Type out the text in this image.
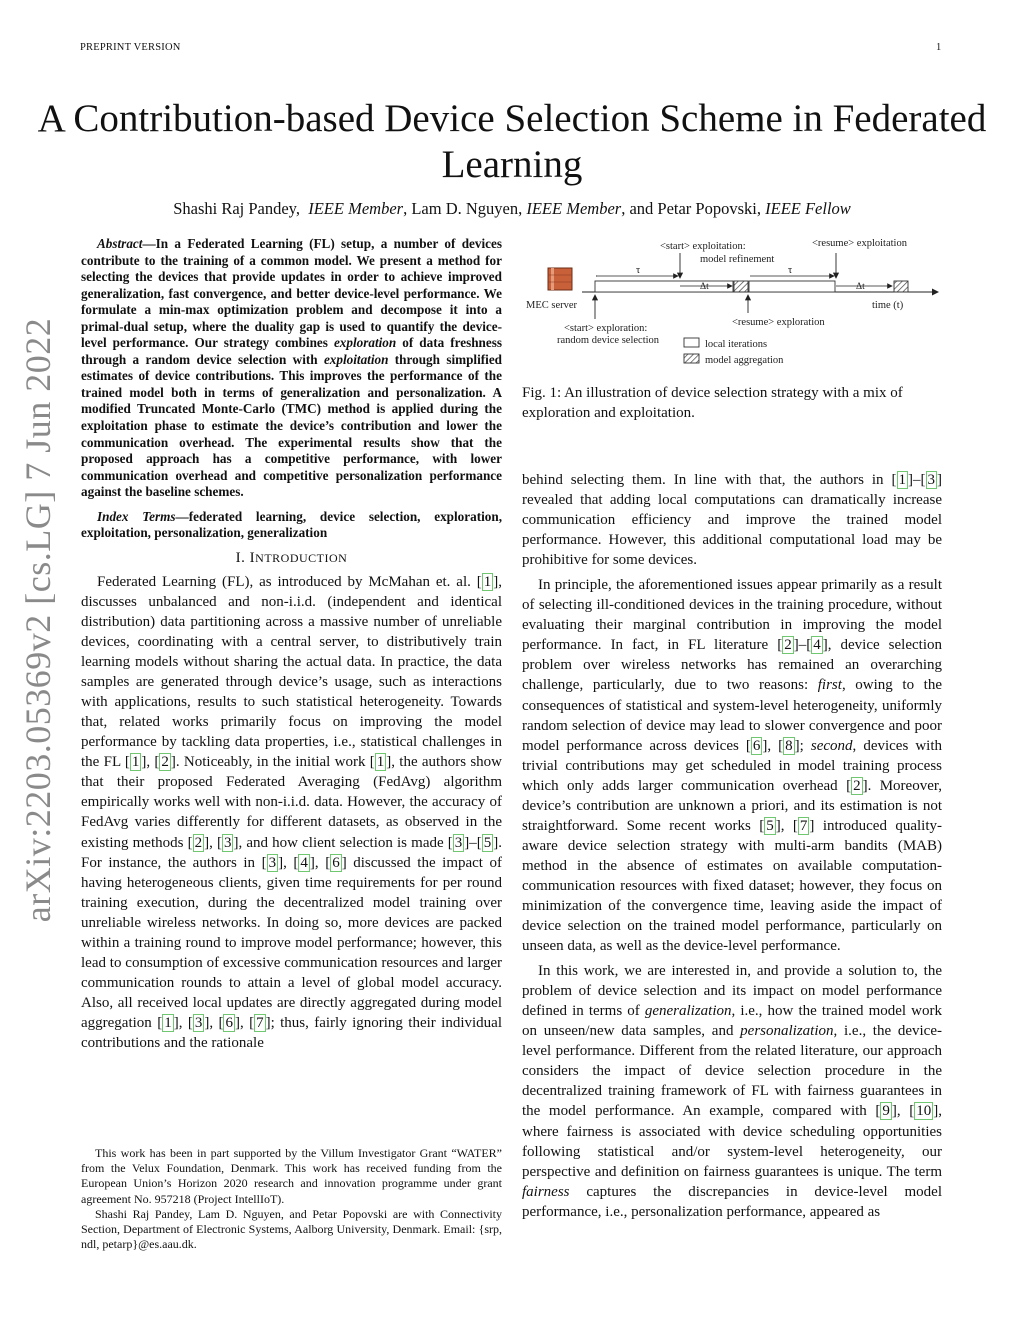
PREPRINT VERSION	1
A Contribution-based Device Selection Scheme in Federated Learning
Shashi Raj Pandey, IEEE Member, Lam D. Nguyen, IEEE Member, and Petar Popovski, IEEE Fellow
arXiv:2203.05369v2 [cs.LG] 7 Jun 2022

Abstract—In a Federated Learning (FL) setup, a number of devices contribute to the training of a common model. We present a method for selecting the devices that provide updates in order to achieve improved generalization, fast convergence, and better device-level performance. We formulate a min-max optimization problem and decompose it into a primal-dual setup, where the duality gap is used to quantify the device-level performance. Our strategy combines exploration of data freshness through a random device selection with exploitation through simplified estimates of device contributions. This improves the performance of the trained model both in terms of generalization and personalization. A modified Truncated Monte-Carlo (TMC) method is applied during the exploitation phase to estimate the device’s contribution and lower the communication overhead. The experimental results show that the proposed approach has a competitive performance, with lower communication overhead and competitive personalization performance against the baseline schemes.

Index Terms—federated learning, device selection, exploration, exploitation, personalization, generalization

I. INTRODUCTION

Federated Learning (FL), as introduced by McMahan et. al. [ 1 ], discusses unbalanced and non-i.i.d. (independent and identical distribution) data partitioning across a massive number of unreliable devices, coordinating with a central server, to distributively train learning models without sharing the actual data. In practice, the data samples are generated through device’s usage, such as interactions with applications, results to such statistical heterogeneity. Towards that, related works primarily focus on improving the model performance by tackling data properties, i.e., statistical challenges in the FL [ 1 ], [ 2 ]. Noticeably, in the initial work [ 1 ], the authors show that their proposed Federated Averaging (FedAvg) algorithm empirically works well with non-i.i.d. data. However, the accuracy of FedAvg varies differently for different datasets, as observed in the existing methods [ 2 ], [ 3 ], and how client selection is made [ 3 ]–[ 5 ]. For instance, the authors in [ 3 ], [ 4 ], [ 6 ] discussed the impact of having heterogeneous clients, given time requirements for per round training execution, during the decentralized model training over unreliable wireless networks. In doing so, more devices are packed within a training round to improve model performance; however, this lead to consumption of excessive communication resources and larger communication rounds to attain a level of global model accuracy. Also, all received local updates are directly aggregated during model aggregation [ 1 ], [ 3 ], [ 6 ], [ 7 ]; thus, fairly ignoring their individual contributions and the rationale

This work has been in part supported by the Villum Investigator Grant “WATER” from the Velux Foundation, Denmark. This work has received funding from the European Union’s Horizon 2020 research and innovation programme under grant agreement No. 957218 (Project IntellIoT).

Shashi Raj Pandey, Lam D. Nguyen, and Petar Popovski are with Connectivity Section, Department of Electronic Systems, Aalborg University, Denmark. Email: {srp, ndl, petarp}@es.aau.dk.

MEC server	time (t)
τ	τ
Δt	Δt
<start> exploitation:
model refinement
<resume> exploitation
<start> exploration:
random device selection
<resume> exploration
local iterations
model aggregation
Fig. 1: An illustration of device selection strategy with a mix of exploration and exploitation.

behind selecting them. In line with that, the authors in [ 1 ]–[ 3 ] revealed that adding local computations can dramatically increase communication efficiency and improve the trained model performance. However, this additional computational load may be prohibitive for some devices.

In principle, the aforementioned issues appear primarily as a result of selecting ill-conditioned devices in the training procedure, without evaluating their marginal contribution in improving the model performance. In fact, in FL literature [ 2 ]–[ 4 ], device selection problem over wireless networks has remained an overarching challenge, particularly, due to two reasons: first, owing to the consequences of statistical and system-level heterogeneity, uniformly random selection of device may lead to slower convergence and poor model performance across devices [ 6 ], [ 8 ]; second, devices with trivial contributions may get scheduled in model training process which only adds larger communication overhead [ 2 ]. Moreover, device’s contribution are unknown a priori, and its estimation is not straightforward. Some recent works [ 5 ], [ 7 ] introduced quality-aware device selection strategy with multi-arm bandits (MAB) method in the absence of estimates on available computation-communication resources with fixed dataset; however, they focus on minimization of the convergence time, leaving aside the impact of device selection on the trained model performance, particularly on unseen data, as well as the device-level performance.

In this work, we are interested in, and provide a solution to, the problem of device selection and its impact on model performance defined in terms of generalization, i.e., how the trained model work on unseen/new data samples, and personalization, i.e., the device-level performance. Different from the related literature, our approach considers the impact of device selection procedure in the decentralized training framework of FL with fairness guarantees in the model performance. An example, compared with [ 9 ], [ 10 ], where fairness is associated with device scheduling opportunities following statistical and/or system-level heterogeneity, our perspective and definition on fairness guarantees is unique. The term fairness captures the discrepancies in device-level model performance, i.e., personalization performance, appeared as
